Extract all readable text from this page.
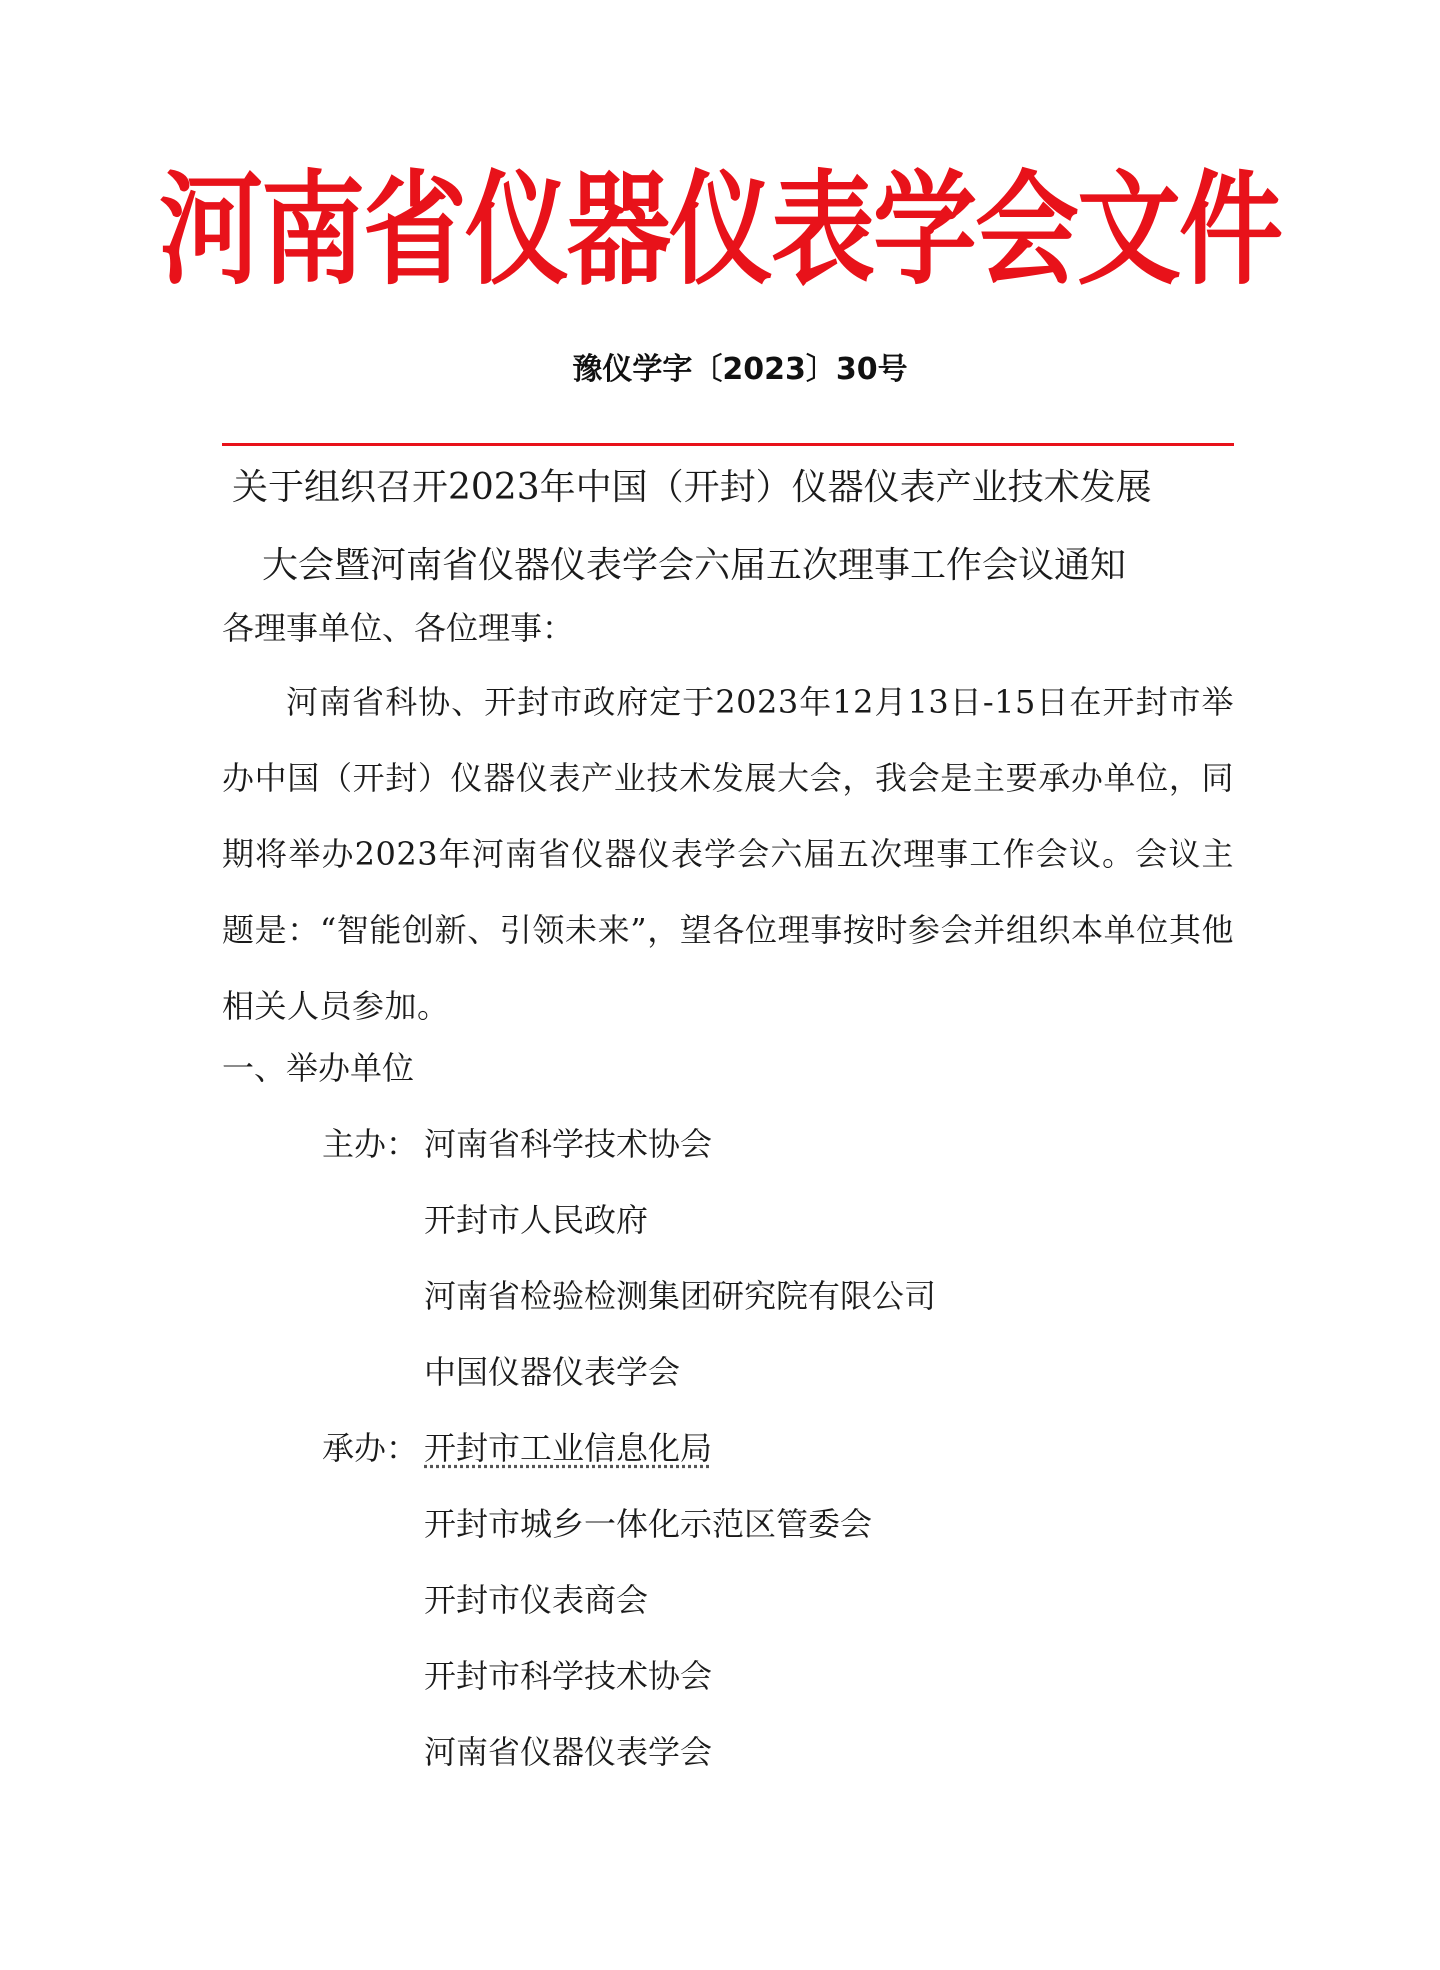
河南省仪器仪表学会文件
豫仪学字〔2023〕30号
关于组织召开2023年中国（开封）仪器仪表产业技术发展
大会暨河南省仪器仪表学会六届五次理事工作会议通知
各理事单位、各位理事：
河南省科协、开封市政府定于2023年12月13日-15日在开封市举办中国（开封）仪器仪表产业技术发展大会，我会是主要承办单位，同期将举办2023年河南省仪器仪表学会六届五次理事工作会议。会议主题是：“智能创新、引领未来”，望各位理事按时参会并组织本单位其他相关人员参加。
一、举办单位
主办： 河南省科学技术协会
开封市人民政府
河南省检验检测集团研究院有限公司
中国仪器仪表学会
承办： 开封市工业信息化局
开封市城乡一体化示范区管委会
开封市仪表商会
开封市科学技术协会
河南省仪器仪表学会
